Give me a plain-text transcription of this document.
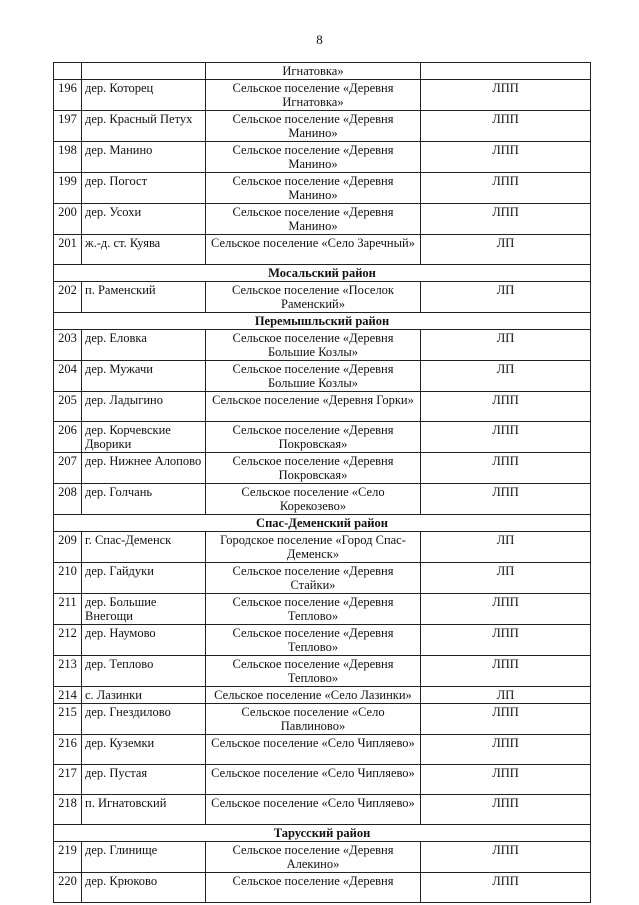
8
		Игнатовка»	
196	дер. Которец	Сельское поселение «Деревня Игнатовка»	ЛПП
197	дер. Красный Петух	Сельское поселение «Деревня Манино»	ЛПП
198	дер. Манино	Сельское поселение «Деревня Манино»	ЛПП
199	дер. Погост	Сельское поселение «Деревня Манино»	ЛПП
200	дер. Усохи	Сельское поселение «Деревня Манино»	ЛПП
201	ж.-д. ст. Куява	Сельское поселение «Село Заречный»	ЛП
Мосальский район			
202	п. Раменский	Сельское поселение «Поселок Раменский»	ЛП
Перемышльский район			
203	дер. Еловка	Сельское поселение «Деревня Большие Козлы»	ЛП
204	дер. Мужачи	Сельское поселение «Деревня Большие Козлы»	ЛП
205	дер. Ладыгино	Сельское поселение «Деревня Горки»	ЛПП
206	дер. Корчевские Дворики	Сельское поселение «Деревня Покровская»	ЛПП
207	дер. Нижнее Алопово	Сельское поселение «Деревня Покровская»	ЛПП
208	дер. Голчань	Сельское поселение «Село Корекозево»	ЛПП
Спас-Деменский район			
209	г. Спас-Деменск	Городское поселение «Город Спас-Деменск»	ЛП
210	дер. Гайдуки	Сельское поселение «Деревня Стайки»	ЛП
211	дер. Большие Внегощи	Сельское поселение «Деревня Теплово»	ЛПП
212	дер. Наумово	Сельское поселение «Деревня Теплово»	ЛПП
213	дер. Теплово	Сельское поселение «Деревня Теплово»	ЛПП
214	с. Лазинки	Сельское поселение «Село Лазинки»	ЛП
215	дер. Гнездилово	Сельское поселение «Село Павлиново»	ЛПП
216	дер. Куземки	Сельское поселение «Село Чипляево»	ЛПП
217	дер. Пустая	Сельское поселение «Село Чипляево»	ЛПП
218	п. Игнатовский	Сельское поселение «Село Чипляево»	ЛПП
Тарусский район			
219	дер. Глинище	Сельское поселение «Деревня Алекино»	ЛПП
220	дер. Крюково	Сельское поселение «Деревня	ЛПП
